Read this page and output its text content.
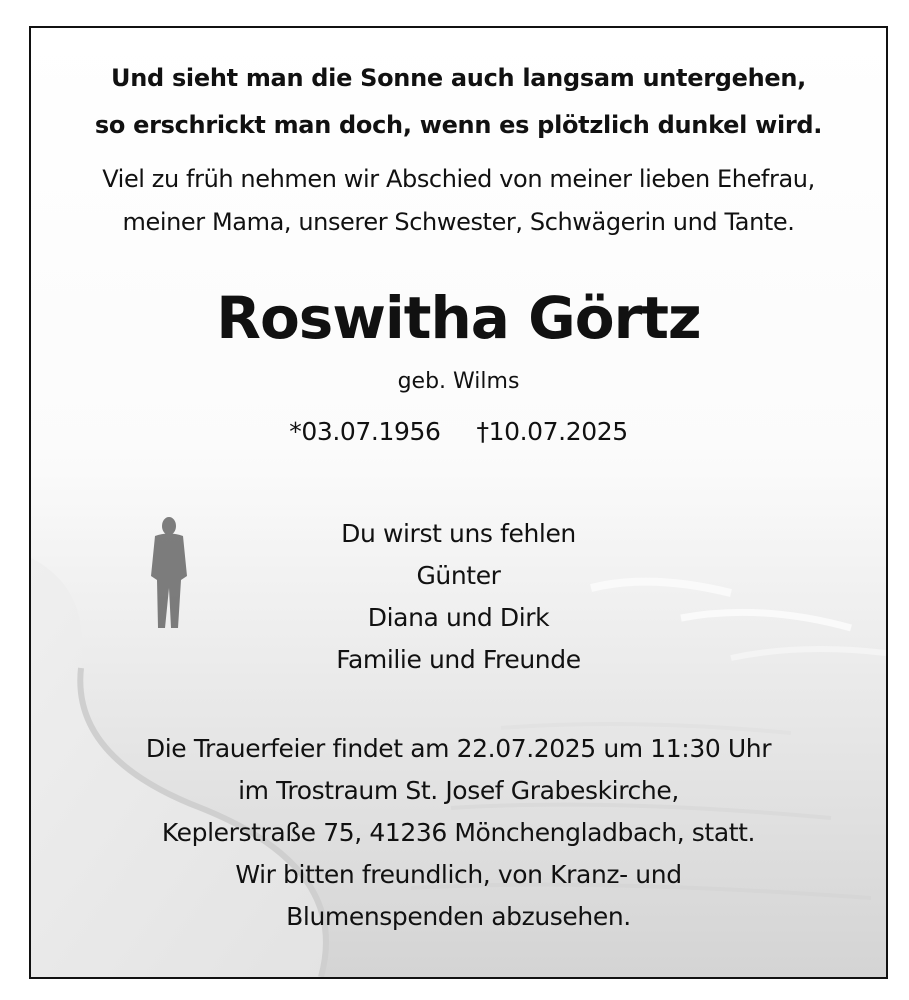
Und sieht man die Sonne auch langsam untergehen,
so erschrickt man doch, wenn es plötzlich dunkel wird.
Viel zu früh nehmen wir Abschied von meiner lieben Ehefrau,
meiner Mama, unserer Schwester, Schwägerin und Tante.
Roswitha Görtz
geb. Wilms
*03.07.1956 †10.07.2025
Du wirst uns fehlen
Günter
Diana und Dirk
Familie und Freunde
Die Trauerfeier findet am 22.07.2025 um 11:30 Uhr
im Trostraum St. Josef Grabeskirche,
Keplerstraße 75, 41236 Mönchengladbach, statt.
Wir bitten freundlich, von Kranz- und
Blumenspenden abzusehen.
